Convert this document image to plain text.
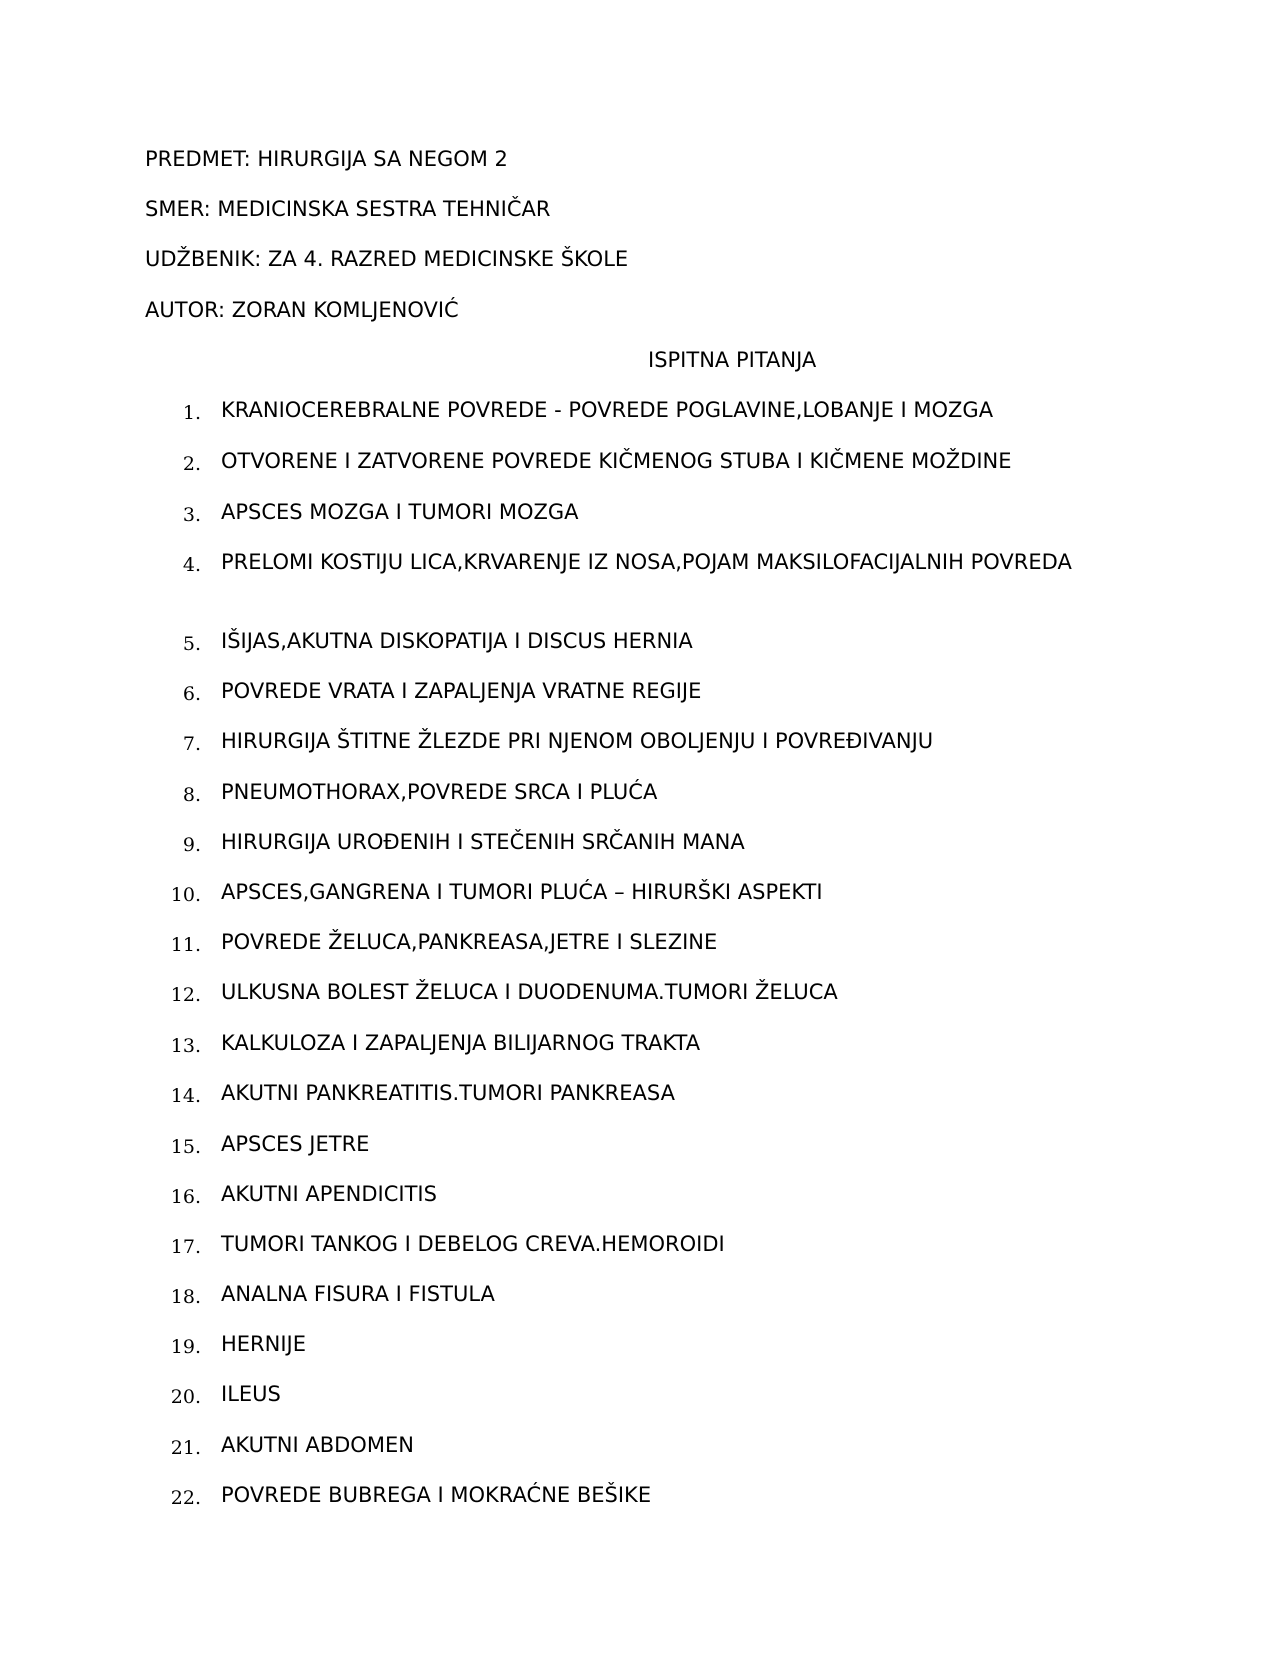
PREDMET: HIRURGIJA SA NEGOM 2
SMER: MEDICINSKA SESTRA TEHNIČAR
UDŽBENIK: ZA 4. RAZRED MEDICINSKE ŠKOLE
AUTOR: ZORAN KOMLJENOVIĆ
ISPITNA PITANJA
1. KRANIOCEREBRALNE POVREDE - POVREDE POGLAVINE,LOBANJE I MOZGA
2. OTVORENE I ZATVORENE POVREDE KIČMENOG STUBA I KIČMENE MOŽDINE
3. APSCES MOZGA I TUMORI MOZGA
4. PRELOMI KOSTIJU LICA,KRVARENJE IZ NOSA,POJAM MAKSILOFACIJALNIH POVREDA
5. IŠIJAS,AKUTNA DISKOPATIJA I DISCUS HERNIA
6. POVREDE VRATA I ZAPALJENJA VRATNE REGIJE
7. HIRURGIJA ŠTITNE ŽLEZDE PRI NJENOM OBOLJENJU I POVREĐIVANJU
8. PNEUMOTHORAX,POVREDE SRCA I PLUĆA
9. HIRURGIJA UROĐENIH I STEČENIH SRČANIH MANA
10. APSCES,GANGRENA I TUMORI PLUĆA – HIRURŠKI ASPEKTI
11. POVREDE ŽELUCA,PANKREASA,JETRE I SLEZINE
12. ULKUSNA BOLEST ŽELUCA I DUODENUMA.TUMORI ŽELUCA
13. KALKULOZA I ZAPALJENJA BILIJARNOG TRAKTA
14. AKUTNI PANKREATITIS.TUMORI PANKREASA
15. APSCES JETRE
16. AKUTNI APENDICITIS
17. TUMORI TANKOG I DEBELOG CREVA.HEMOROIDI
18. ANALNA FISURA I FISTULA
19. HERNIJE
20. ILEUS
21. AKUTNI ABDOMEN
22. POVREDE BUBREGA I MOKRAĆNE BEŠIKE
